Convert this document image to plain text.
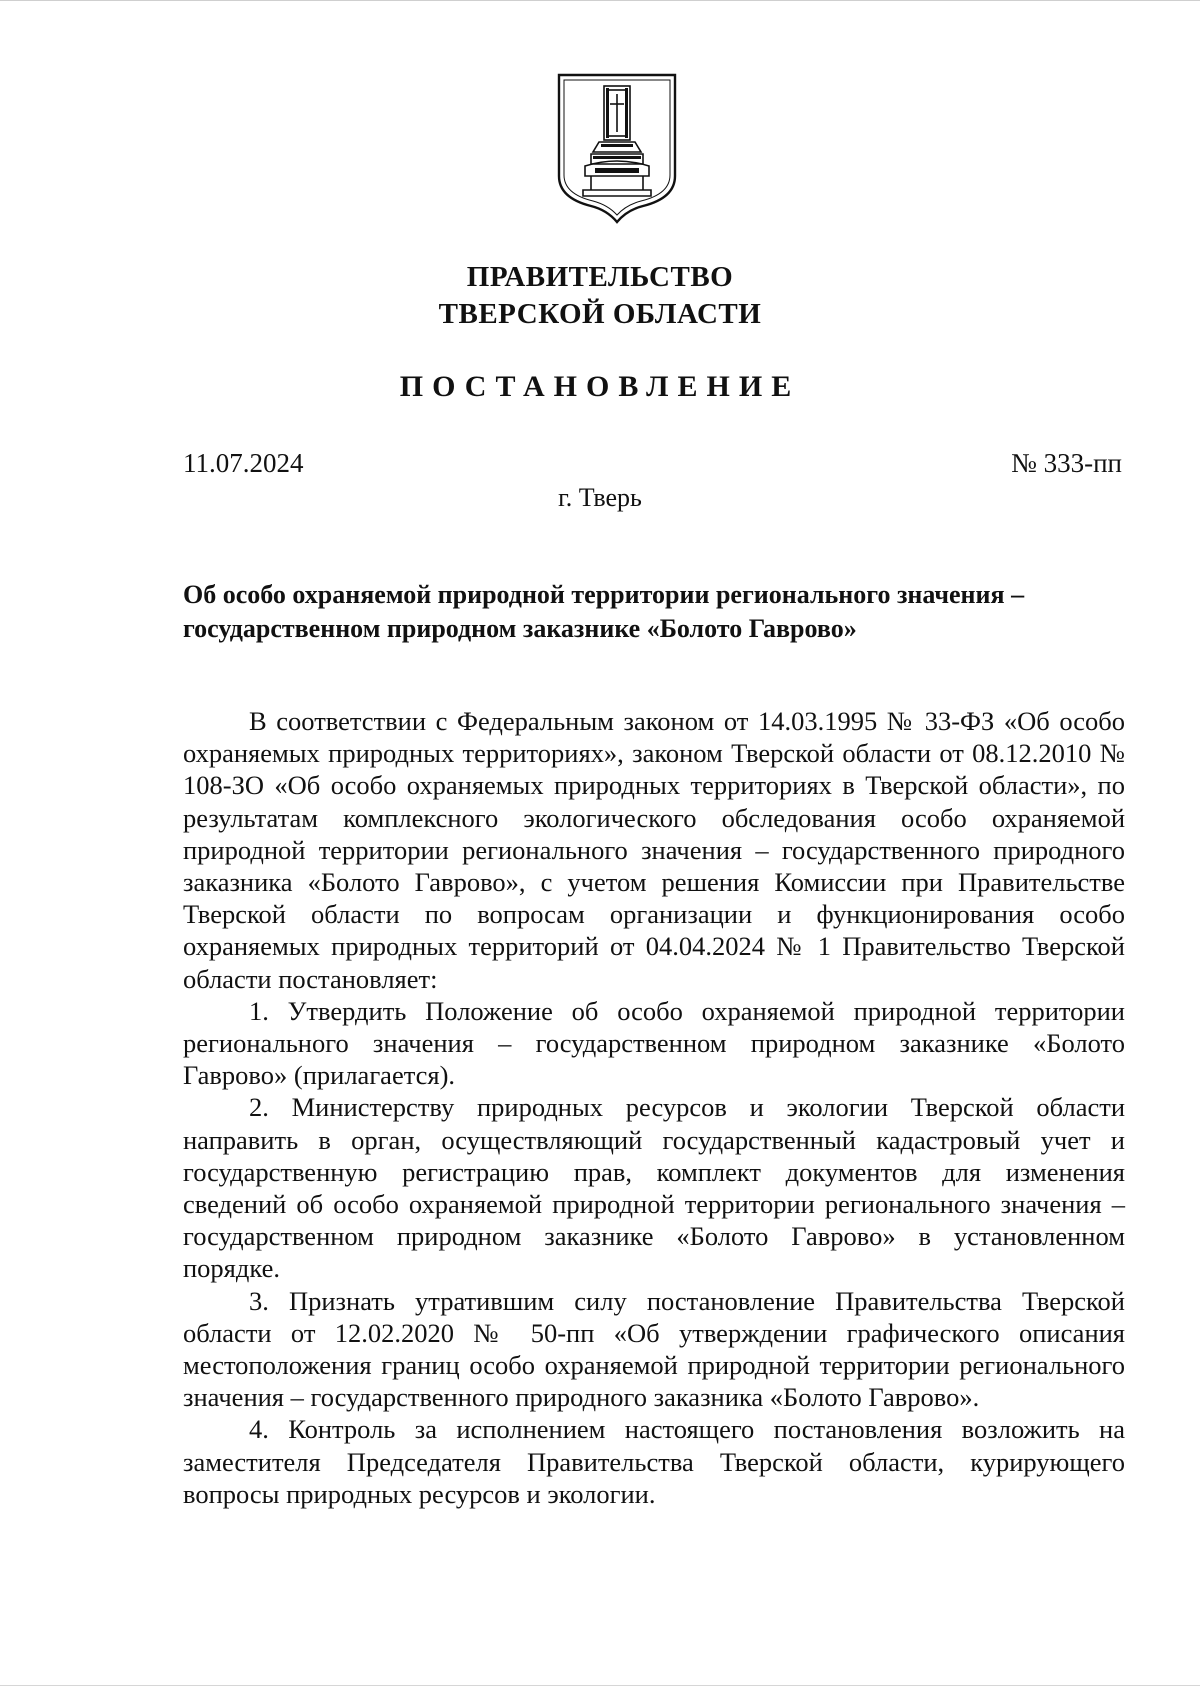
ПРАВИТЕЛЬСТВО
ТВЕРСКОЙ ОБЛАСТИ
ПОСТАНОВЛЕНИЕ
11.07.2024	№ 333-пп
г. Тверь
Об особо охраняемой природной территории регионального значения – государственном природном заказнике «Болото Гаврово»

В соответствии с Федеральным законом от 14.03.1995 № 33-ФЗ «Об особо охраняемых природных территориях», законом Тверской области от 08.12.2010 № 108-ЗО «Об особо охраняемых природных территориях в Тверской области», по результатам комплексного экологического обследования особо охраняемой природной территории регионального значения – государственного природного заказника «Болото Гаврово», с учетом решения Комиссии при Правительстве Тверской области по вопросам организации и функционирования особо охраняемых природных территорий от 04.04.2024 № 1 Правительство Тверской области постановляет:

1. Утвердить Положение об особо охраняемой природной территории регионального значения – государственном природном заказнике «Болото Гаврово» (прилагается).

2. Министерству природных ресурсов и экологии Тверской области направить в орган, осуществляющий государственный кадастровый учет и государственную регистрацию прав, комплект документов для изменения сведений об особо охраняемой природной территории регионального значения – государственном природном заказнике «Болото Гаврово» в установленном порядке.

3. Признать утратившим силу постановление Правительства Тверской области от 12.02.2020 № 50-пп «Об утверждении графического описания местоположения границ особо охраняемой природной территории регионального значения – государственного природного заказника «Болото Гаврово».

4. Контроль за исполнением настоящего постановления возложить на заместителя Председателя Правительства Тверской области, курирующего вопросы природных ресурсов и экологии.
